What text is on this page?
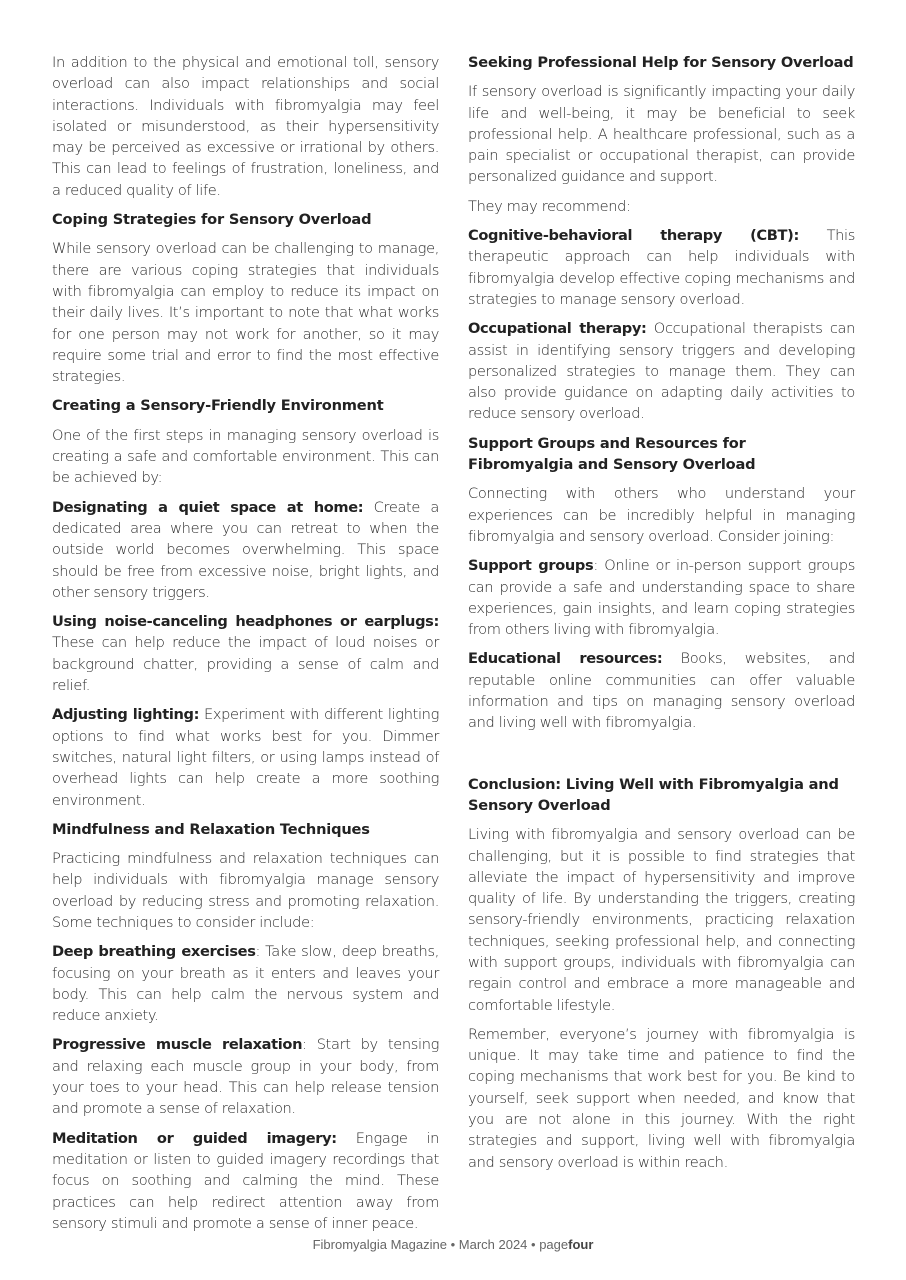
In addition to the physical and emotional toll, sensory overload can also impact relationships and social interactions. Individuals with fibromyalgia may feel isolated or misunderstood, as their hypersensitivity may be perceived as excessive or irrational by others. This can lead to feelings of frustration, loneliness, and a reduced quality of life.

Coping Strategies for Sensory Overload

While sensory overload can be challenging to manage, there are various coping strategies that individuals with fibromyalgia can employ to reduce its impact on their daily lives. It’s important to note that what works for one person may not work for another, so it may require some trial and error to find the most effective strategies.

Creating a Sensory-Friendly Environment

One of the first steps in managing sensory overload is creating a safe and comfortable environment. This can be achieved by:

Designating a quiet space at home: Create a dedicated area where you can retreat to when the outside world becomes overwhelming. This space should be free from excessive noise, bright lights, and other sensory triggers.

Using noise-canceling headphones or earplugs: These can help reduce the impact of loud noises or background chatter, providing a sense of calm and relief.

Adjusting lighting: Experiment with different lighting options to find what works best for you. Dimmer switches, natural light filters, or using lamps instead of overhead lights can help create a more soothing environment.

Mindfulness and Relaxation Techniques

Practicing mindfulness and relaxation techniques can help individuals with fibromyalgia manage sensory overload by reducing stress and promoting relaxation. Some techniques to consider include:

Deep breathing exercises: Take slow, deep breaths, focusing on your breath as it enters and leaves your body. This can help calm the nervous system and reduce anxiety.

Progressive muscle relaxation: Start by tensing and relaxing each muscle group in your body, from your toes to your head. This can help release tension and promote a sense of relaxation.

Meditation or guided imagery: Engage in meditation or listen to guided imagery recordings that focus on soothing and calming the mind. These practices can help redirect attention away from sensory stimuli and promote a sense of inner peace.

Seeking Professional Help for Sensory Overload

If sensory overload is significantly impacting your daily life and well-being, it may be beneficial to seek professional help. A healthcare professional, such as a pain specialist or occupational therapist, can provide personalized guidance and support.

They may recommend:

Cognitive-behavioral therapy (CBT): This therapeutic approach can help individuals with fibromyalgia develop effective coping mechanisms and strategies to manage sensory overload.

Occupational therapy: Occupational therapists can assist in identifying sensory triggers and developing personalized strategies to manage them. They can also provide guidance on adapting daily activities to reduce sensory overload.

Support Groups and Resources for Fibromyalgia and Sensory Overload

Connecting with others who understand your experiences can be incredibly helpful in managing fibromyalgia and sensory overload. Consider joining:

Support groups: Online or in-person support groups can provide a safe and understanding space to share experiences, gain insights, and learn coping strategies from others living with fibromyalgia.

Educational resources: Books, websites, and reputable online communities can offer valuable information and tips on managing sensory overload and living well with fibromyalgia.

Conclusion: Living Well with Fibromyalgia and Sensory Overload

Living with fibromyalgia and sensory overload can be challenging, but it is possible to find strategies that alleviate the impact of hypersensitivity and improve quality of life. By understanding the triggers, creating sensory-friendly environments, practicing relaxation techniques, seeking professional help, and connecting with support groups, individuals with fibromyalgia can regain control and embrace a more manageable and comfortable lifestyle.

Remember, everyone’s journey with fibromyalgia is unique. It may take time and patience to find the coping mechanisms that work best for you. Be kind to yourself, seek support when needed, and know that you are not alone in this journey. With the right strategies and support, living well with fibromyalgia and sensory overload is within reach.

Fibromyalgia Magazine • March 2024 • pagefour
